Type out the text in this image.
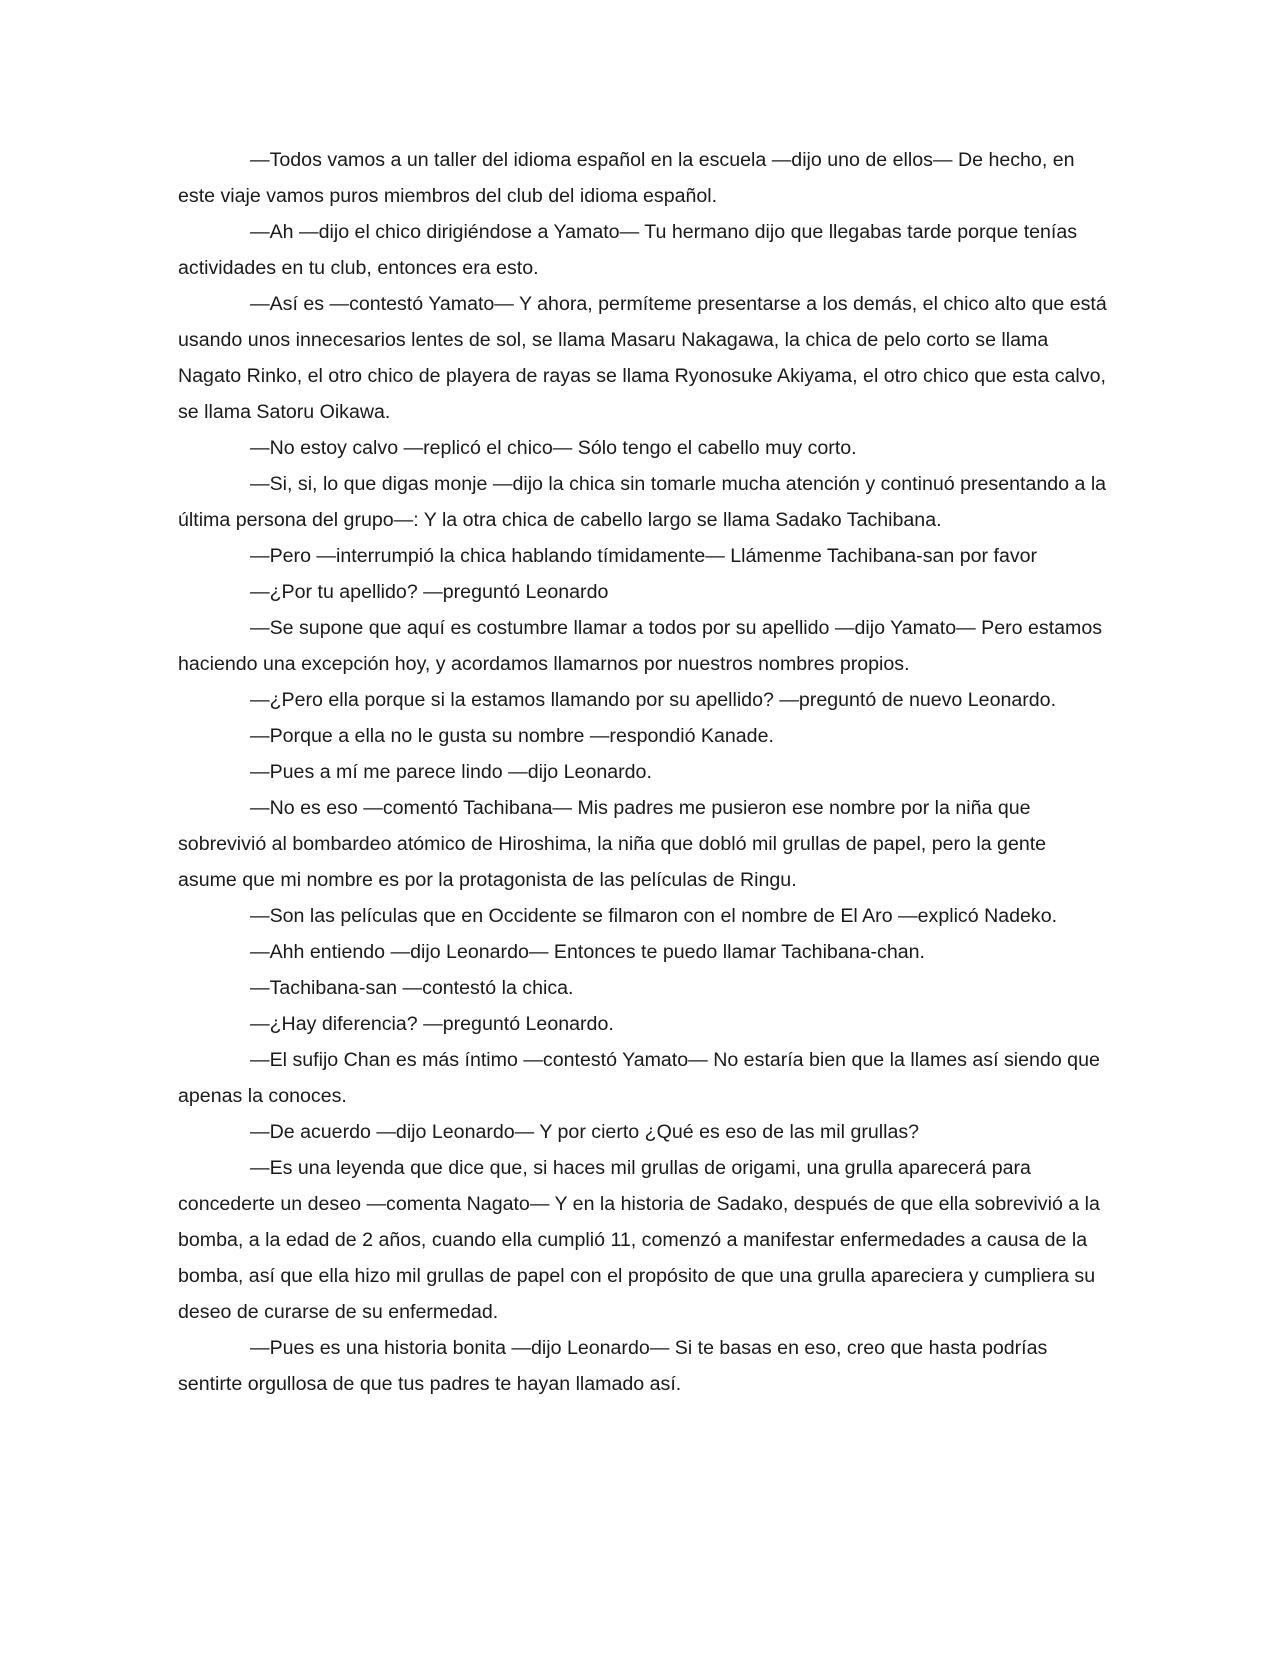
—Todos vamos a un taller del idioma español en la escuela —dijo uno de ellos— De hecho, en este viaje vamos puros miembros del club del idioma español.

—Ah —dijo el chico dirigiéndose a Yamato— Tu hermano dijo que llegabas tarde porque tenías actividades en tu club, entonces era esto.

—Así es —contestó Yamato— Y ahora, permíteme presentarse a los demás, el chico alto que está usando unos innecesarios lentes de sol, se llama Masaru Nakagawa, la chica de pelo corto se llama Nagato Rinko, el otro chico de playera de rayas se llama Ryonosuke Akiyama, el otro chico que esta calvo, se llama Satoru Oikawa.

—No estoy calvo —replicó el chico— Sólo tengo el cabello muy corto.

—Si, si, lo que digas monje —dijo la chica sin tomarle mucha atención y continuó presentando a la última persona del grupo—: Y la otra chica de cabello largo se llama Sadako Tachibana.

—Pero —interrumpió la chica hablando tímidamente— Llámenme Tachibana-san por favor

—¿Por tu apellido? —preguntó Leonardo

—Se supone que aquí es costumbre llamar a todos por su apellido —dijo Yamato— Pero estamos haciendo una excepción hoy, y acordamos llamarnos por nuestros nombres propios.

—¿Pero ella porque si la estamos llamando por su apellido? —preguntó de nuevo Leonardo.

—Porque a ella no le gusta su nombre —respondió Kanade.

—Pues a mí me parece lindo —dijo Leonardo.

—No es eso —comentó Tachibana— Mis padres me pusieron ese nombre por la niña que sobrevivió al bombardeo atómico de Hiroshima, la niña que dobló mil grullas de papel, pero la gente asume que mi nombre es por la protagonista de las películas de Ringu.

—Son las películas que en Occidente se filmaron con el nombre de El Aro —explicó Nadeko.

—Ahh entiendo —dijo Leonardo— Entonces te puedo llamar Tachibana-chan.

—Tachibana-san —contestó la chica.

—¿Hay diferencia? —preguntó Leonardo.

—El sufijo Chan es más íntimo —contestó Yamato— No estaría bien que la llames así siendo que apenas la conoces.

—De acuerdo —dijo Leonardo— Y por cierto ¿Qué es eso de las mil grullas?

—Es una leyenda que dice que, si haces mil grullas de origami, una grulla aparecerá para concederte un deseo —comenta Nagato— Y en la historia de Sadako, después de que ella sobrevivió a la bomba, a la edad de 2 años, cuando ella cumplió 11, comenzó a manifestar enfermedades a causa de la bomba, así que ella hizo mil grullas de papel con el propósito de que una grulla apareciera y cumpliera su deseo de curarse de su enfermedad.

—Pues es una historia bonita —dijo Leonardo— Si te basas en eso, creo que hasta podrías sentirte orgullosa de que tus padres te hayan llamado así.
